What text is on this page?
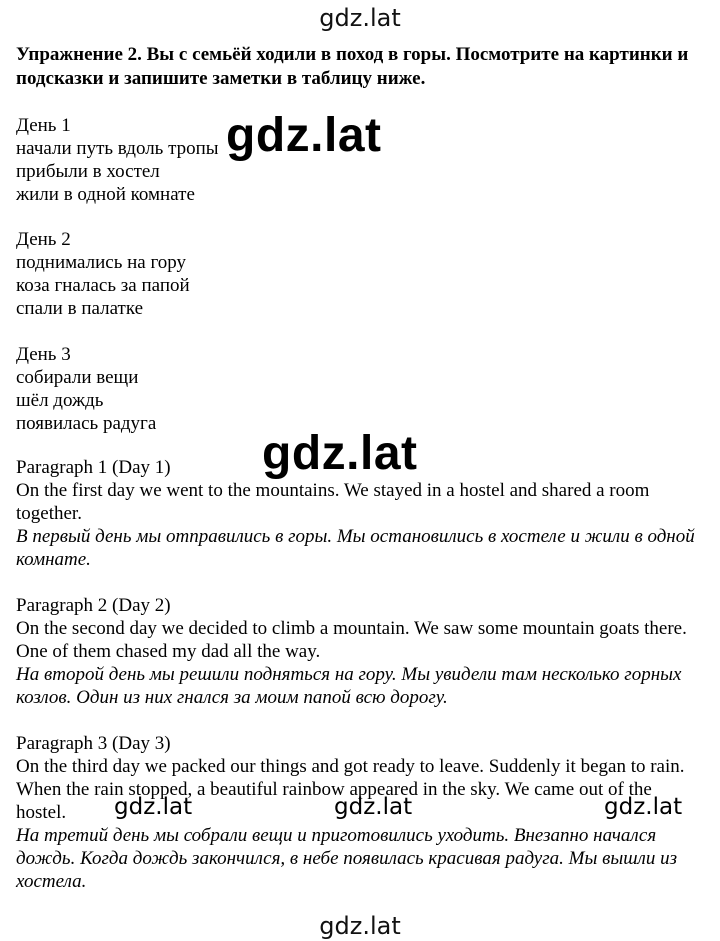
gdz.lat
Упражнение 2. Вы с семьёй ходили в поход в горы. Посмотрите на картинки и подсказки и запишите заметки в таблицу ниже.
День 1
начали путь вдоль тропы
прибыли в хостел
жили в одной комнате
День 2
поднимались на гору
коза гналась за папой
спали в палатке
День 3
собирали вещи
шёл дождь
появилась радуга
Paragraph 1 (Day 1)
On the first day we went to the mountains. We stayed in a hostel and shared a room together.
В первый день мы отправились в горы. Мы остановились в хостеле и жили в одной комнате.
Paragraph 2 (Day 2)
On the second day we decided to climb a mountain. We saw some mountain goats there. One of them chased my dad all the way.
На второй день мы решили подняться на гору. Мы увидели там несколько горных козлов. Один из них гнался за моим папой всю дорогу.
Paragraph 3 (Day 3)
On the third day we packed our things and got ready to leave. Suddenly it began to rain. When the rain stopped, a beautiful rainbow appeared in the sky. We came out of the hostel.
На третий день мы собрали вещи и приготовились уходить. Внезапно начался дождь. Когда дождь закончился, в небе появилась красивая радуга. Мы вышли из хостела.
gdz.lat
gdz.lat
gdz.lat	gdz.lat	gdz.lat
gdz.lat
